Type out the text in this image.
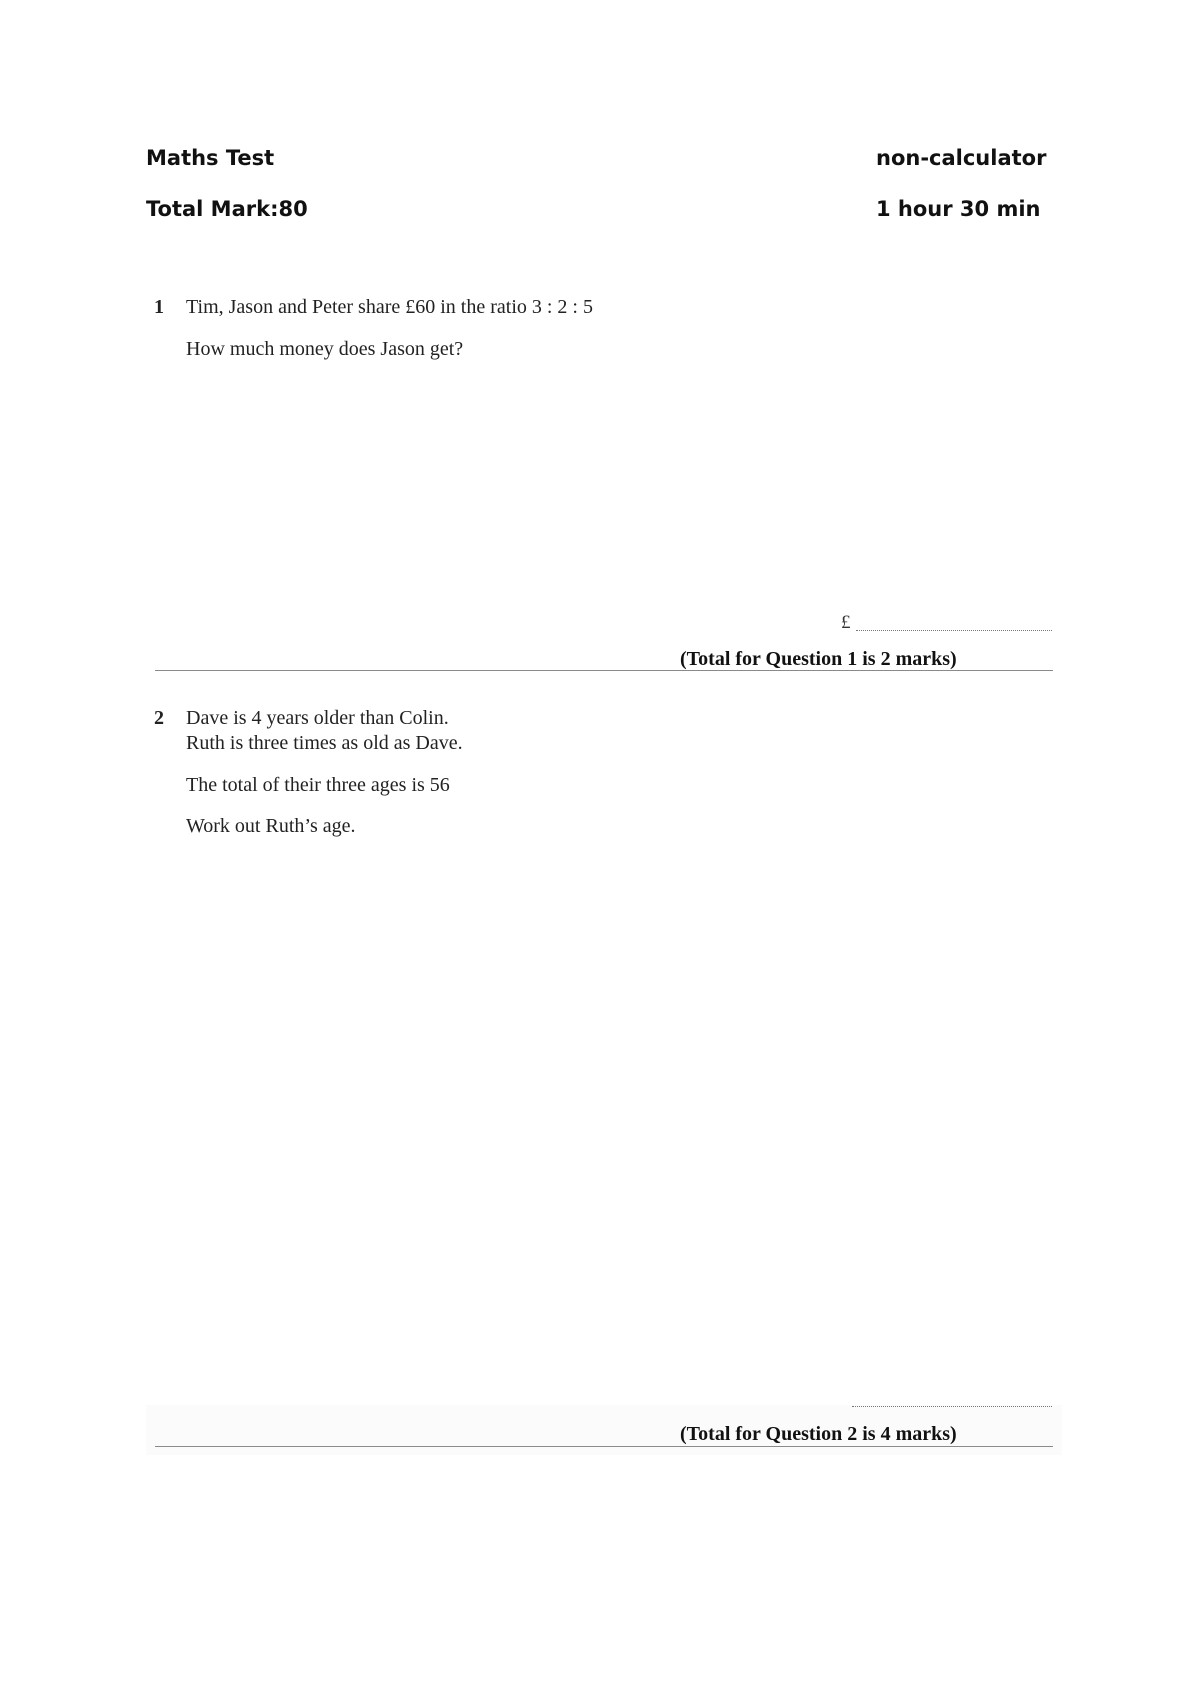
Maths Test	non-calculator
Total Mark:80	1 hour 30 min
1 Tim, Jason and Peter share £60 in the ratio 3 : 2 : 5
How much money does Jason get?
£
(Total for Question 1 is 2 marks)
2 Dave is 4 years older than Colin.
Ruth is three times as old as Dave.
The total of their three ages is 56
Work out Ruth’s age.
(Total for Question 2 is 4 marks)
